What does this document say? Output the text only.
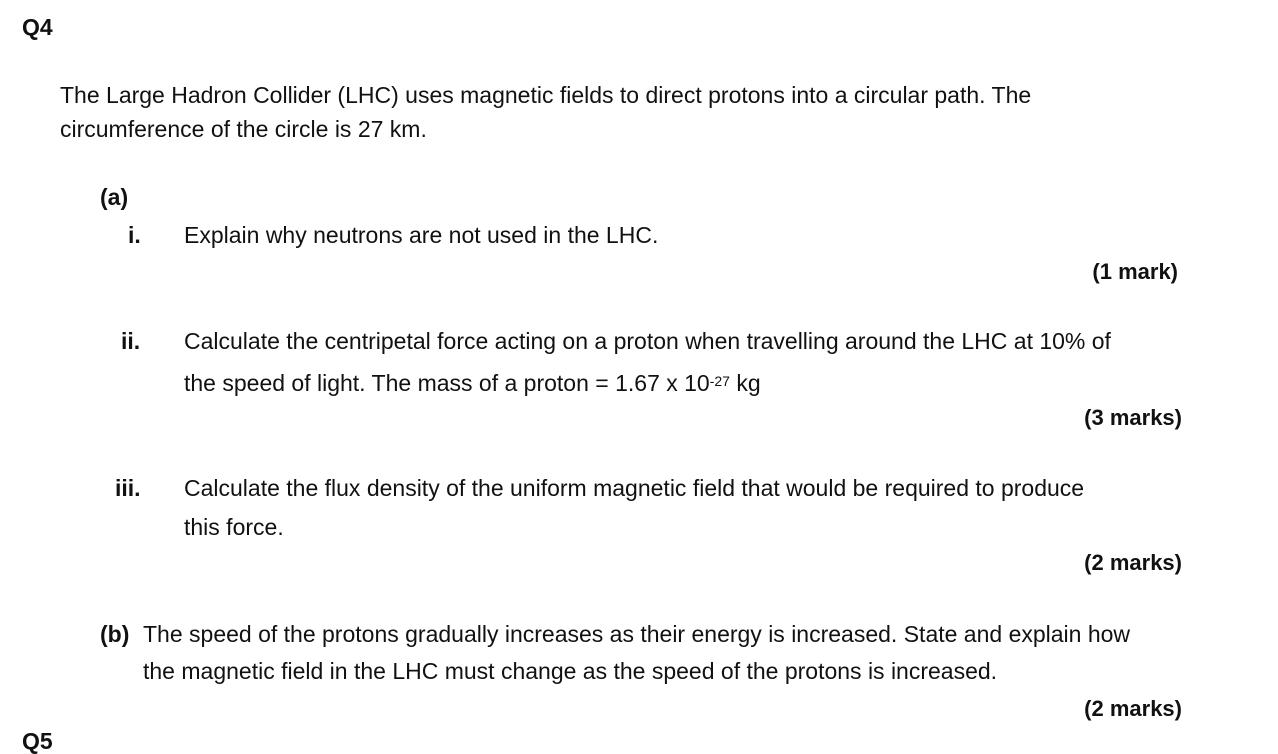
Q4
The Large Hadron Collider (LHC) uses magnetic fields to direct protons into a circular path. The
circumference of the circle is 27 km.
(a)
i. Explain why neutrons are not used in the LHC.
(1 mark)
ii. Calculate the centripetal force acting on a proton when travelling around the LHC at 10% of
the speed of light. The mass of a proton = 1.67 x $10^{-27}$ kg
(3 marks)
iii. Calculate the flux density of the uniform magnetic field that would be required to produce
this force.
(2 marks)
(b) The speed of the protons gradually increases as their energy is increased. State and explain how
the magnetic field in the LHC must change as the speed of the protons is increased.
(2 marks)
Q5
